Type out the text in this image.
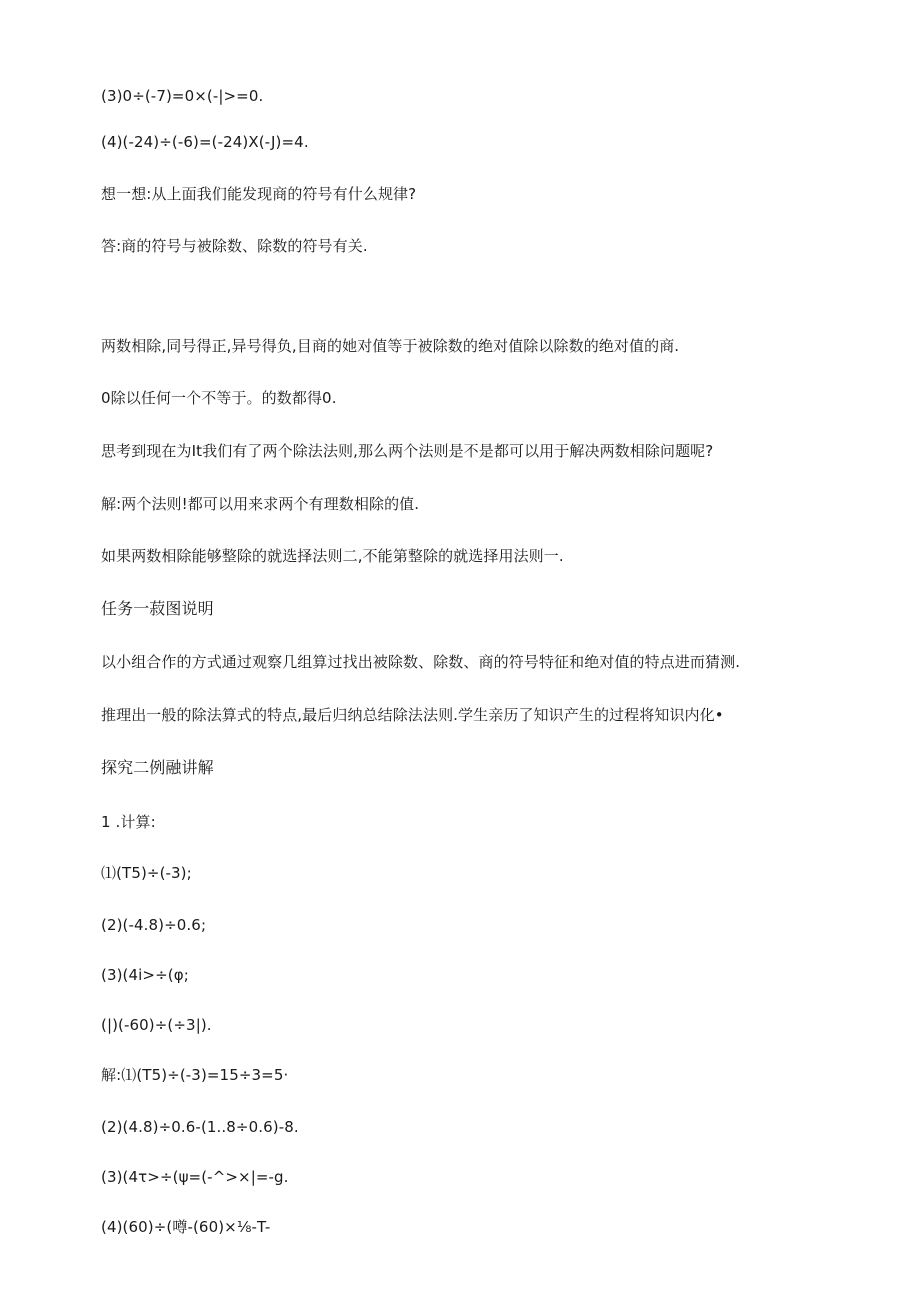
(3)0÷(-7)=0×(-|>=0.
(4)(-24)÷(-6)=(-24)X(-J)=4.
想一想:从上面我们能发现商的符号有什么规律?
答:商的符号与被除数、除数的符号有关.
两数相除,同号得正,异号得负,目商的她对值等于被除数的绝对值除以除数的绝对值的商.
0除以任何一个不等于。的数都得0.
思考到现在为It我们有了两个除法法则,那么两个法则是不是都可以用于解决两数相除问题呢?
解:两个法则!都可以用来求两个有理数相除的值.
如果两数相除能够整除的就选择法则二,不能第整除的就选择用法则一.
任务一菽图说明
以小组合作的方式通过观察几组算过找出被除数、除数、商的符号特征和绝对值的特点进而猜测.
推理出一般的除法算式的特点,最后归纳总结除法法则.学生亲历了知识产生的过程将知识内化•
探究二例融讲解
1 .计算:
⑴(T5)÷(-3);
(2)(-4.8)÷0.6;
(3)(4i>÷(φ;
(|)(-60)÷(÷3|).
解:⑴(T5)÷(-3)=15÷3=5·
(2)(4.8)÷0.6-(1..8÷0.6)-8.
(3)(4τ>÷(ψ=(-^>×|=-g.
(4)(60)÷(噂-(60)×⅛-T-
